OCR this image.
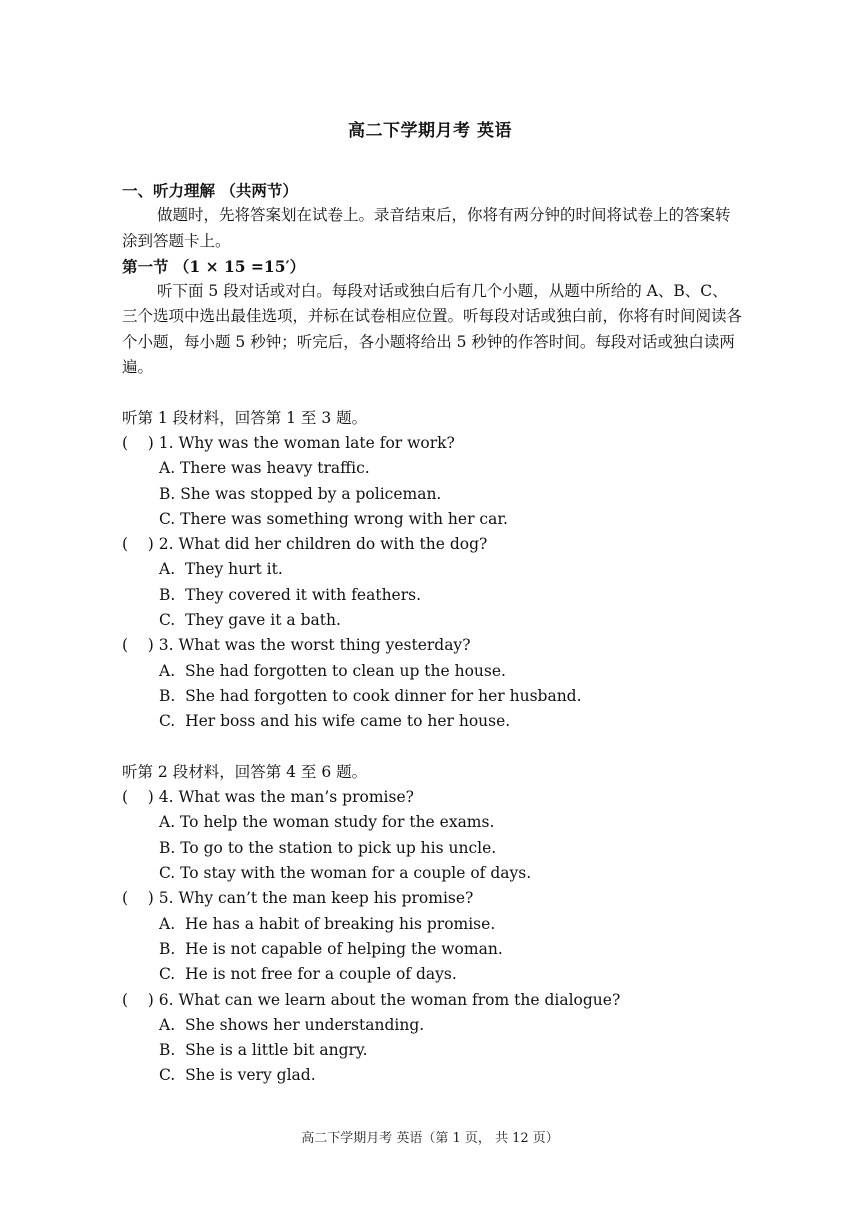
高二下学期月考 英语
一、听力理解 （共两节）
做题时，先将答案划在试卷上。录音结束后，你将有两分钟的时间将试卷上的答案转涂到答题卡上。
第一节 （1 × 15 =15′）
听下面 5 段对话或对白。每段对话或独白后有几个小题，从题中所给的 A、B、C、三个选项中选出最佳选项，并标在试卷相应位置。听每段对话或独白前，你将有时间阅读各个小题，每小题 5 秒钟；听完后，各小题将给出 5 秒钟的作答时间。每段对话或独白读两遍。
听第 1 段材料，回答第 1 至 3 题。
(    ) 1. Why was the woman late for work?
A. There was heavy traffic.
B. She was stopped by a policeman.
C. There was something wrong with her car.
(    ) 2. What did her children do with the dog?
A.  They hurt it.
B.  They covered it with feathers.
C.  They gave it a bath.
(    ) 3. What was the worst thing yesterday?
A.  She had forgotten to clean up the house.
B.  She had forgotten to cook dinner for her husband.
C.  Her boss and his wife came to her house.
听第 2 段材料，回答第 4 至 6 题。
(    ) 4. What was the man’s promise?
A. To help the woman study for the exams.
B. To go to the station to pick up his uncle.
C. To stay with the woman for a couple of days.
(    ) 5. Why can’t the man keep his promise?
A.  He has a habit of breaking his promise.
B.  He is not capable of helping the woman.
C.  He is not free for a couple of days.
(    ) 6. What can we learn about the woman from the dialogue?
A.  She shows her understanding.
B.  She is a little bit angry.
C.  She is very glad.
高二下学期月考 英语（第 1 页， 共 12 页）
